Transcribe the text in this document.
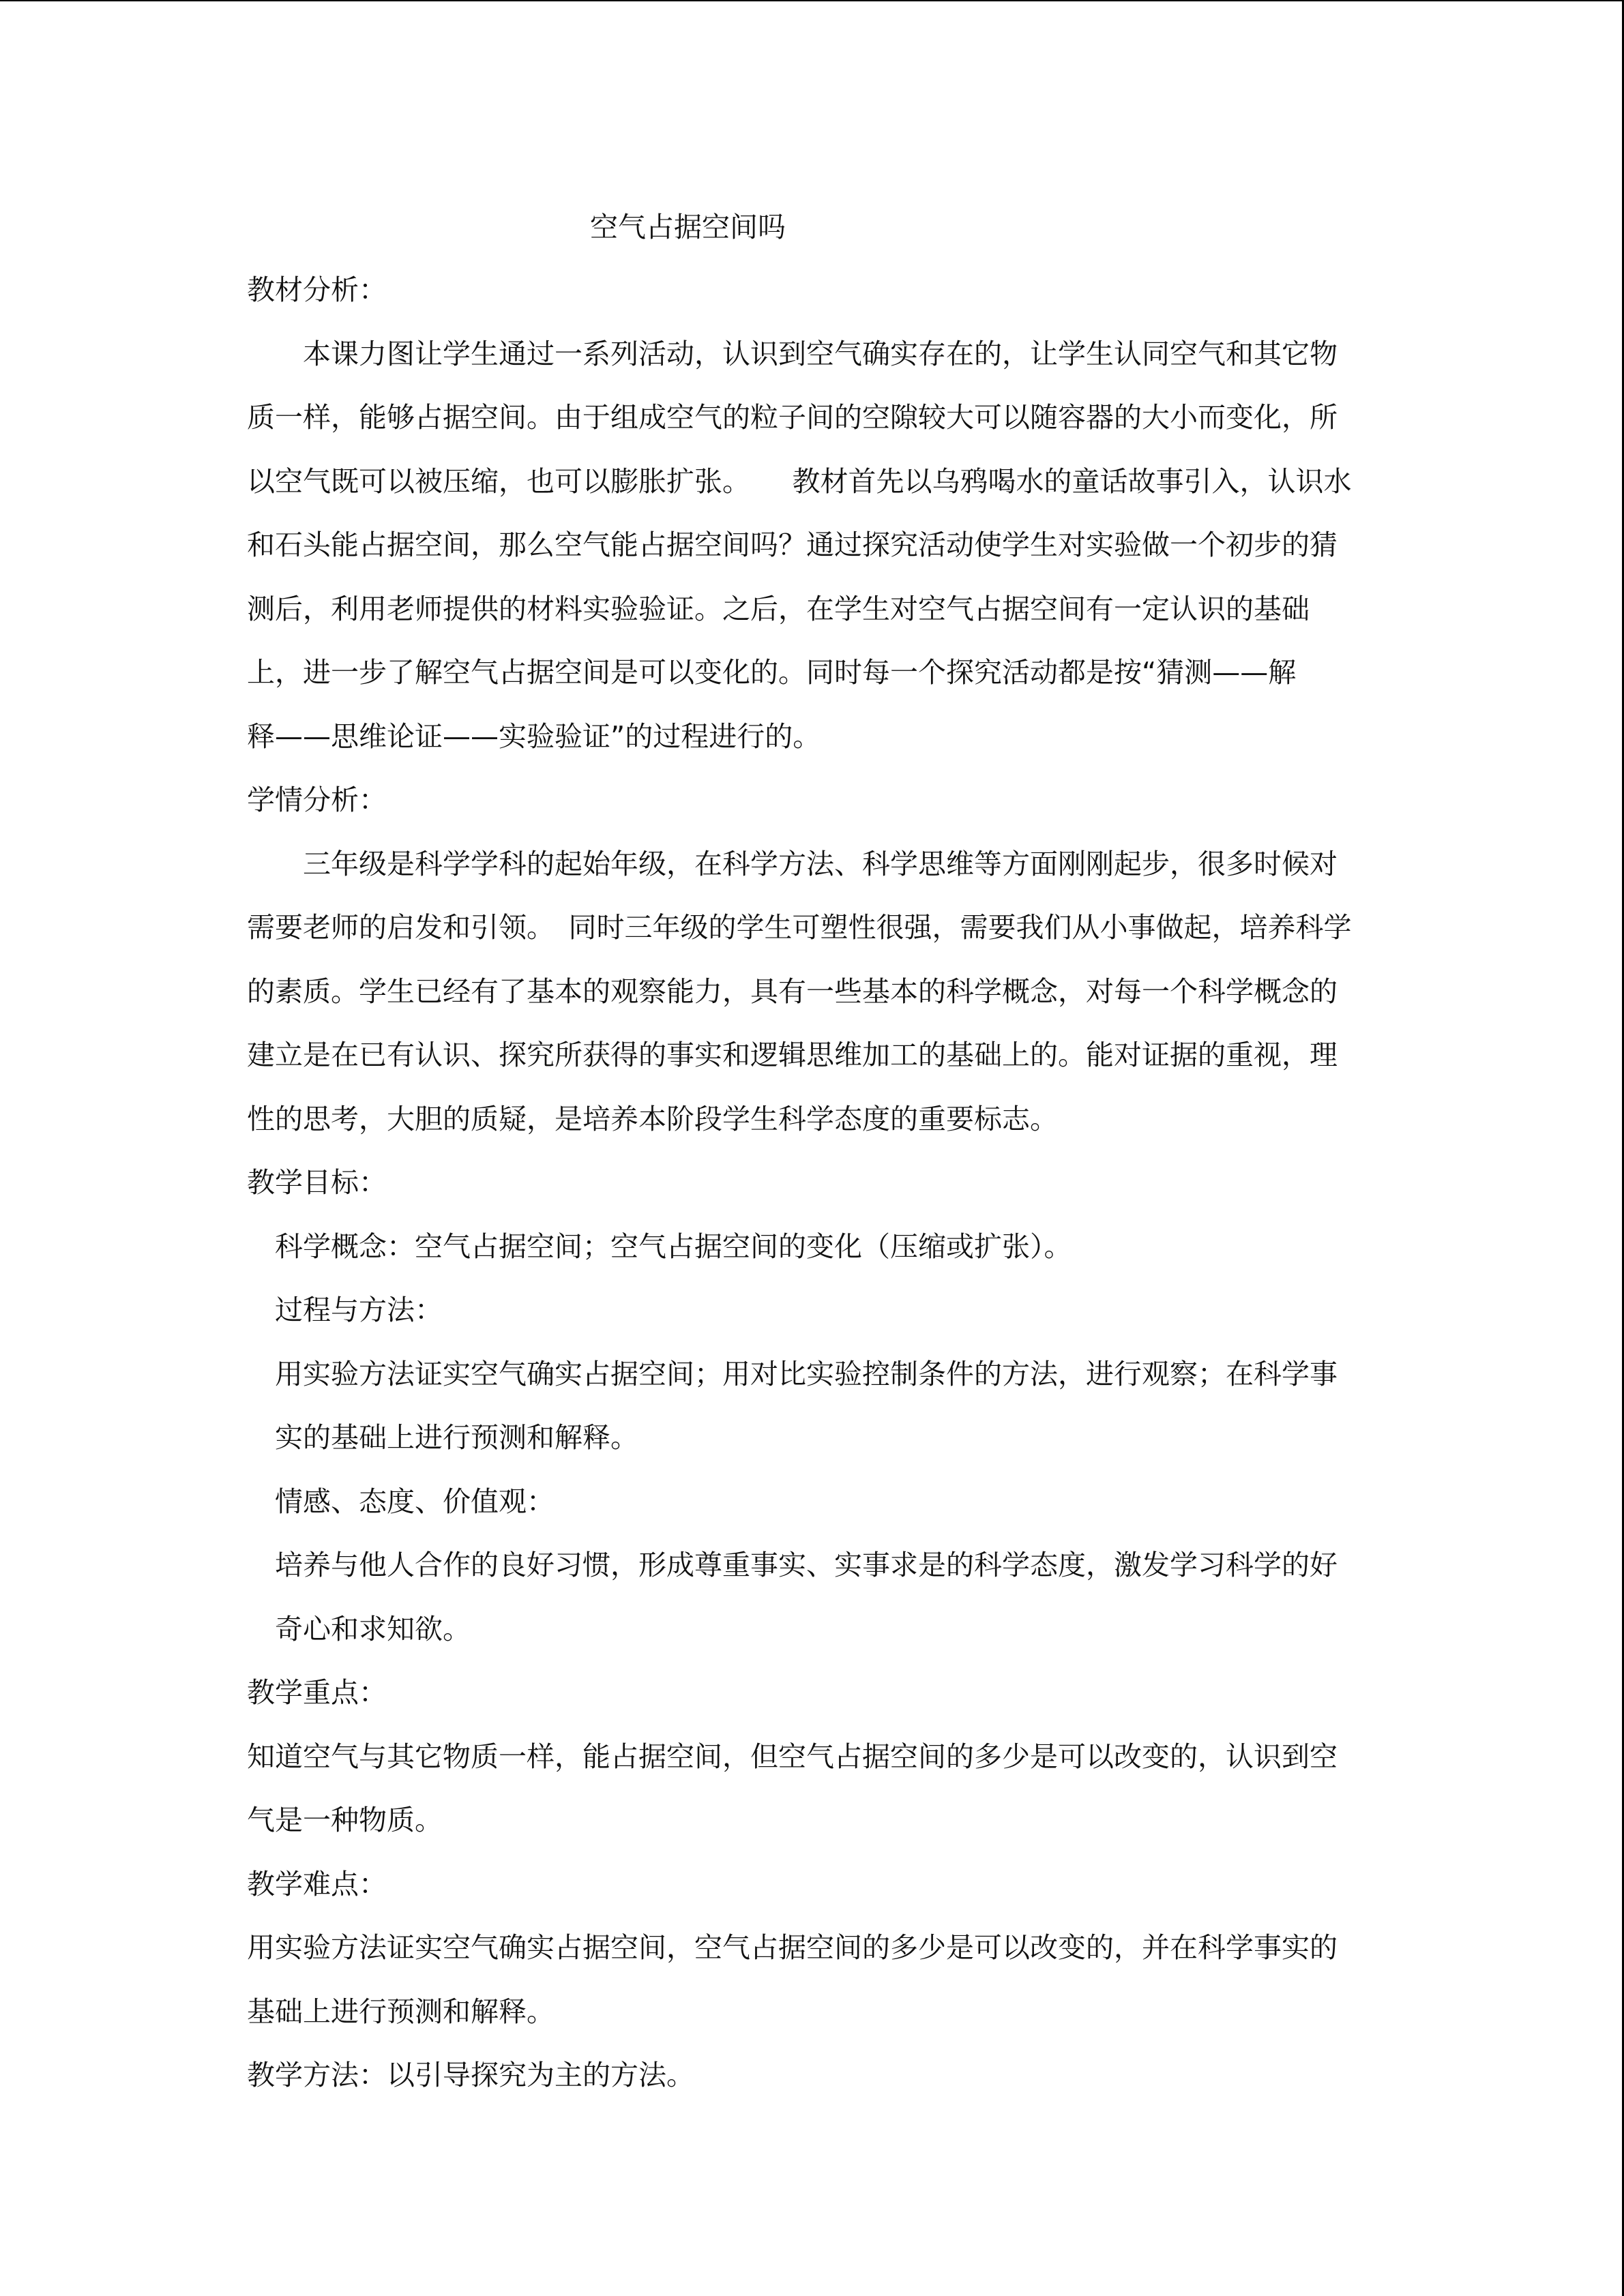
空气占据空间吗
教材分析：
　　本课力图让学生通过一系列活动，认识到空气确实存在的，让学生认同空气和其它物
质一样，能够占据空间。由于组成空气的粒子间的空隙较大可以随容器的大小而变化，所
以空气既可以被压缩，也可以膨胀扩张。　　教材首先以乌鸦喝水的童话故事引入，认识水
和石头能占据空间，那么空气能占据空间吗？通过探究活动使学生对实验做一个初步的猜
测后，利用老师提供的材料实验验证。之后，在学生对空气占据空间有一定认识的基础
上，进一步了解空气占据空间是可以变化的。同时每一个探究活动都是按“猜测——解
释——思维论证——实验验证”的过程进行的。
学情分析：
　　三年级是科学学科的起始年级，在科学方法、科学思维等方面刚刚起步，很多时候对
需要老师的启发和引领。　同时三年级的学生可塑性很强，需要我们从小事做起，培养科学
的素质。学生已经有了基本的观察能力，具有一些基本的科学概念，对每一个科学概念的
建立是在已有认识、探究所获得的事实和逻辑思维加工的基础上的。能对证据的重视，理
性的思考，大胆的质疑，是培养本阶段学生科学态度的重要标志。
教学目标：
　科学概念：空气占据空间；空气占据空间的变化（压缩或扩张）。
　过程与方法：
　用实验方法证实空气确实占据空间；用对比实验控制条件的方法，进行观察；在科学事
　实的基础上进行预测和解释。
　情感、态度、价值观：
　培养与他人合作的良好习惯，形成尊重事实、实事求是的科学态度，激发学习科学的好
　奇心和求知欲。
教学重点：
知道空气与其它物质一样，能占据空间，但空气占据空间的多少是可以改变的，认识到空
气是一种物质。
教学难点：
用实验方法证实空气确实占据空间，空气占据空间的多少是可以改变的，并在科学事实的
基础上进行预测和解释。
教学方法：以引导探究为主的方法。
